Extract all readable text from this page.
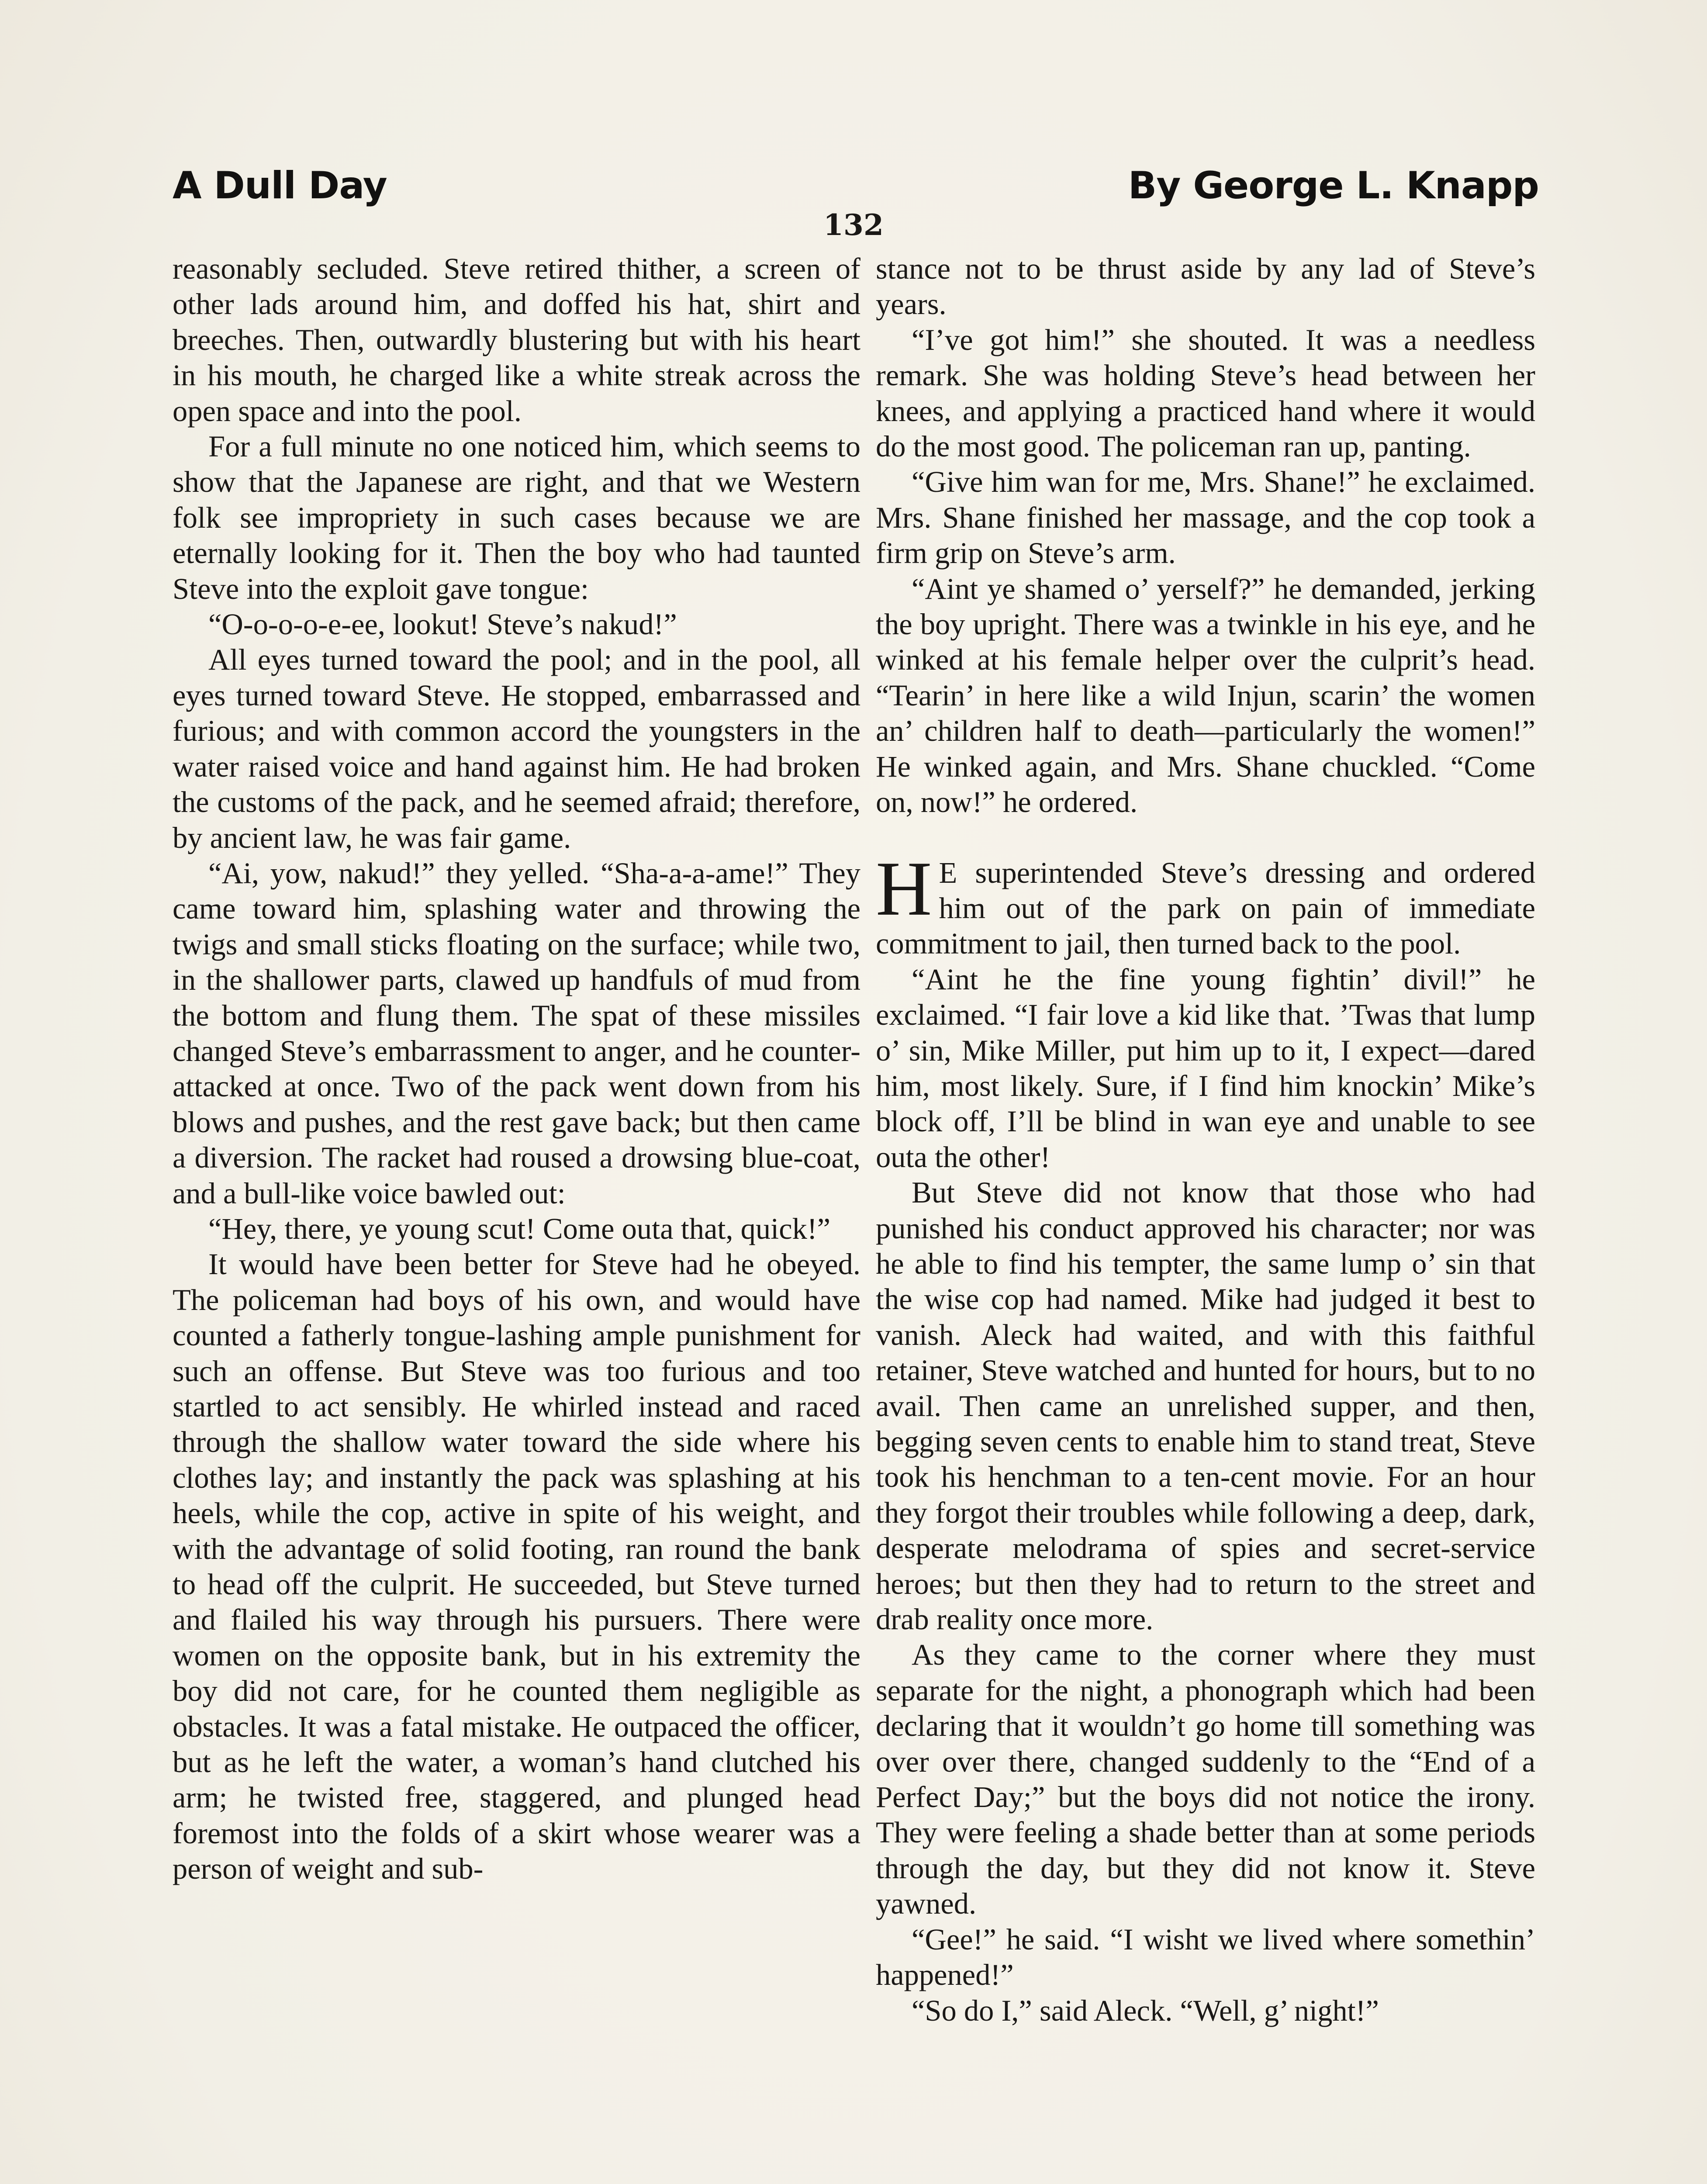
A Dull Day	By George L. Knapp
132

reasonably secluded. Steve retired thither, a screen of other lads around him, and doffed his hat, shirt and breeches. Then, outwardly blustering but with his heart in his mouth, he charged like a white streak across the open space and into the pool.

For a full minute no one noticed him, which seems to show that the Japanese are right, and that we Western folk see impropriety in such cases because we are eternally looking for it. Then the boy who had taunted Steve into the exploit gave tongue:

“O-o-o-o-e-ee, lookut! Steve’s nakud!”

All eyes turned toward the pool; and in the pool, all eyes turned toward Steve. He stopped, embarrassed and furious; and with common accord the youngsters in the water raised voice and hand against him. He had broken the customs of the pack, and he seemed afraid; therefore, by ancient law, he was fair game.

“Ai, yow, nakud!” they yelled. “Sha-a-a-ame!” They came toward him, splashing water and throwing the twigs and small sticks floating on the surface; while two, in the shallower parts, clawed up handfuls of mud from the bottom and flung them. The spat of these missiles changed Steve’s embarrassment to anger, and he counter-attacked at once. Two of the pack went down from his blows and pushes, and the rest gave back; but then came a diversion. The racket had roused a drowsing blue-coat, and a bull-like voice bawled out:

“Hey, there, ye young scut! Come outa that, quick!”

It would have been better for Steve had he obeyed. The policeman had boys of his own, and would have counted a fatherly tongue-lashing ample punishment for such an offense. But Steve was too furious and too startled to act sensibly. He whirled instead and raced through the shallow water toward the side where his clothes lay; and instantly the pack was splashing at his heels, while the cop, active in spite of his weight, and with the advantage of solid footing, ran round the bank to head off the culprit. He succeeded, but Steve turned and flailed his way through his pursuers. There were women on the opposite bank, but in his extremity the boy did not care, for he counted them negligible as obstacles. It was a fatal mistake. He outpaced the officer, but as he left the water, a woman’s hand clutched his arm; he twisted free, staggered, and plunged head foremost into the folds of a skirt whose wearer was a person of weight and sub-

stance not to be thrust aside by any lad of Steve’s years.

“I’ve got him!” she shouted. It was a needless remark. She was holding Steve’s head between her knees, and applying a practiced hand where it would do the most good. The policeman ran up, panting.

“Give him wan for me, Mrs. Shane!” he exclaimed. Mrs. Shane finished her massage, and the cop took a firm grip on Steve’s arm.

“Aint ye shamed o’ yerself?” he demanded, jerking the boy upright. There was a twinkle in his eye, and he winked at his female helper over the culprit’s head. “Tearin’ in here like a wild Injun, scarin’ the women an’ children half to death—particularly the women!” He winked again, and Mrs. Shane chuckled. “Come on, now!” he ordered.

H E superintended Steve’s dressing and ordered him out of the park on pain of immediate commitment to jail, then turned back to the pool.

“Aint he the fine young fightin’ divil!” he exclaimed. “I fair love a kid like that. ’Twas that lump o’ sin, Mike Miller, put him up to it, I expect—dared him, most likely. Sure, if I find him knockin’ Mike’s block off, I’ll be blind in wan eye and unable to see outa the other!

But Steve did not know that those who had punished his conduct approved his character; nor was he able to find his tempter, the same lump o’ sin that the wise cop had named. Mike had judged it best to vanish. Aleck had waited, and with this faithful retainer, Steve watched and hunted for hours, but to no avail. Then came an unrelished supper, and then, begging seven cents to enable him to stand treat, Steve took his henchman to a ten-cent movie. For an hour they forgot their troubles while following a deep, dark, desperate melodrama of spies and secret-service heroes; but then they had to return to the street and drab reality once more.

As they came to the corner where they must separate for the night, a phonograph which had been declaring that it wouldn’t go home till something was over over there, changed suddenly to the “End of a Perfect Day;” but the boys did not notice the irony. They were feeling a shade better than at some periods through the day, but they did not know it. Steve yawned.

“Gee!” he said. “I wisht we lived where somethin’ happened!”

“So do I,” said Aleck. “Well, g’ night!”
